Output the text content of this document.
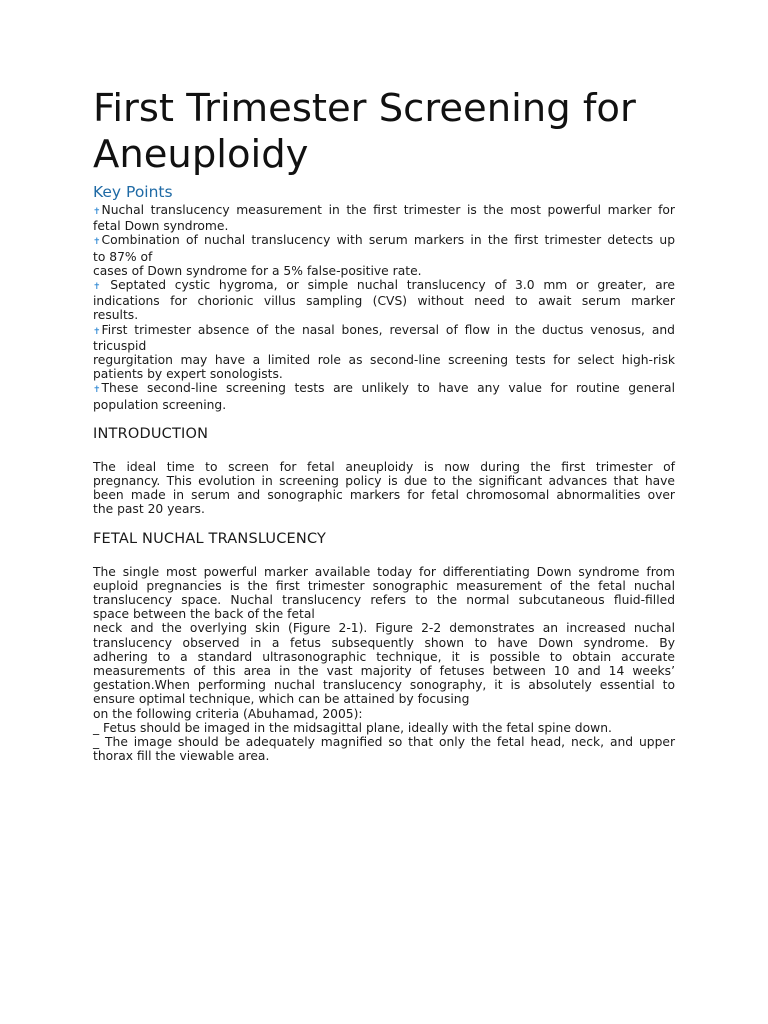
First Trimester Screening for Aneuploidy
Key Points
✝Nuchal translucency measurement in the first trimester is the most powerful marker for
fetal Down syndrome.
✝Combination of nuchal translucency with serum markers in the first trimester detects up
to 87% of
cases of Down syndrome for a 5% false-positive rate.
✝ Septated cystic hygroma, or simple nuchal translucency of 3.0 mm or greater, are
indications for chorionic villus sampling (CVS) without need to await serum marker
results.
✝First trimester absence of the nasal bones, reversal of flow in the ductus venosus, and
tricuspid
regurgitation may have a limited role as second-line screening tests for select high-risk
patients by expert sonologists.
✝These second-line screening tests are unlikely to have any value for routine general
population screening.
INTRODUCTION
The ideal time to screen for fetal aneuploidy is now during the first trimester of
pregnancy. This evolution in screening policy is due to the significant advances that have
been made in serum and sonographic markers for fetal chromosomal abnormalities over
the past 20 years.
FETAL NUCHAL TRANSLUCENCY
The single most powerful marker available today for differentiating Down syndrome from
euploid pregnancies is the first trimester sonographic measurement of the fetal nuchal
translucency space. Nuchal translucency refers to the normal subcutaneous fluid-filled
space between the back of the fetal
neck and the overlying skin (Figure 2-1). Figure 2-2 demonstrates an increased nuchal
translucency observed in a fetus subsequently shown to have Down syndrome. By
adhering to a standard ultrasonographic technique, it is possible to obtain accurate
measurements of this area in the vast majority of fetuses between 10 and 14 weeks’
gestation.When performing nuchal translucency sonography, it is absolutely essential to
ensure optimal technique, which can be attained by focusing
on the following criteria (Abuhamad, 2005):
_ Fetus should be imaged in the midsagittal plane, ideally with the fetal spine down.
_ The image should be adequately magnified so that only the fetal head, neck, and upper
thorax fill the viewable area.
